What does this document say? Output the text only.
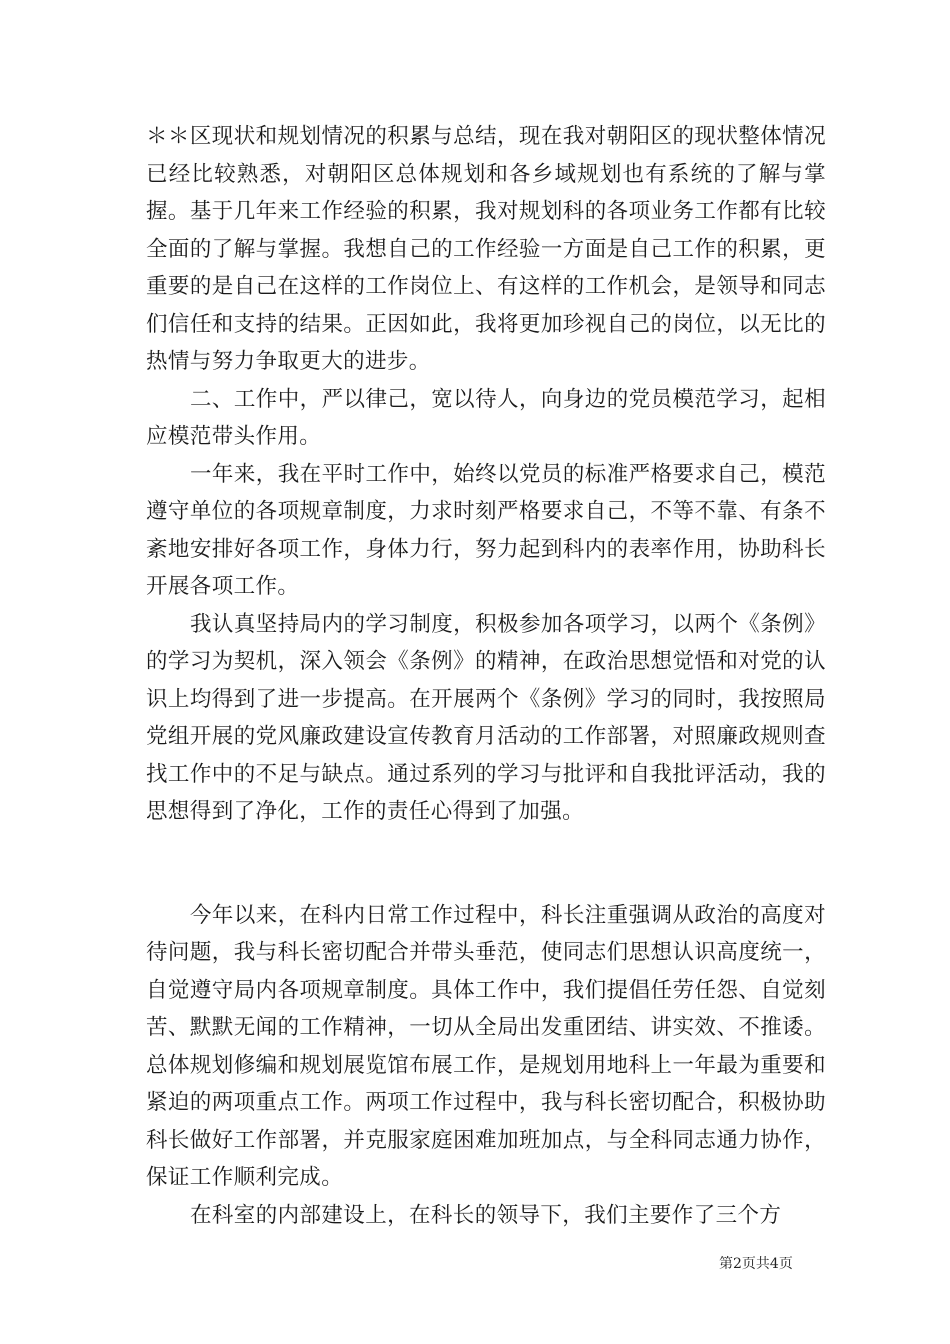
＊＊区现状和规划情况的积累与总结，现在我对朝阳区的现状整体情况已经比较熟悉，对朝阳区总体规划和各乡域规划也有系统的了解与掌握。基于几年来工作经验的积累，我对规划科的各项业务工作都有比较全面的了解与掌握。我想自己的工作经验一方面是自己工作的积累，更重要的是自己在这样的工作岗位上、有这样的工作机会，是领导和同志们信任和支持的结果。正因如此，我将更加珍视自己的岗位，以无比的热情与努力争取更大的进步。

二、工作中，严以律己，宽以待人，向身边的党员模范学习，起相应模范带头作用。

一年来，我在平时工作中，始终以党员的标准严格要求自己，模范遵守单位的各项规章制度，力求时刻严格要求自己，不等不靠、有条不紊地安排好各项工作，身体力行，努力起到科内的表率作用，协助科长开展各项工作。

我认真坚持局内的学习制度，积极参加各项学习，以两个《条例》的学习为契机，深入领会《条例》的精神，在政治思想觉悟和对党的认识上均得到了进一步提高。在开展两个《条例》学习的同时，我按照局党组开展的党风廉政建设宣传教育月活动的工作部署，对照廉政规则查找工作中的不足与缺点。通过系列的学习与批评和自我批评活动，我的思想得到了净化，工作的责任心得到了加强。

今年以来，在科内日常工作过程中，科长注重强调从政治的高度对待问题，我与科长密切配合并带头垂范，使同志们思想认识高度统一，自觉遵守局内各项规章制度。具体工作中，我们提倡任劳任怨、自觉刻苦、默默无闻的工作精神，一切从全局出发重团结、讲实效、不推诿。总体规划修编和规划展览馆布展工作，是规划用地科上一年最为重要和紧迫的两项重点工作。两项工作过程中，我与科长密切配合，积极协助科长做好工作部署，并克服家庭困难加班加点，与全科同志通力协作，保证工作顺利完成。

在科室的内部建设上，在科长的领导下，我们主要作了三个方

第2页共4页
